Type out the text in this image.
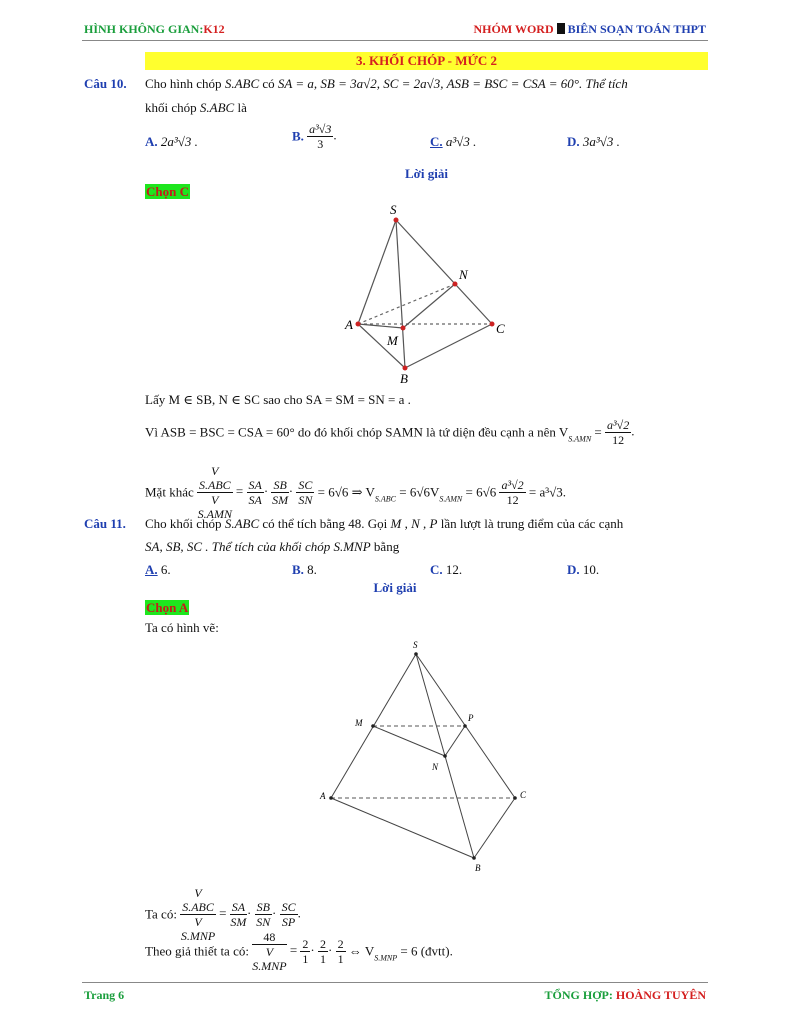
HÌNH KHÔNG GIAN:K12	NHÓM WORD BIÊN SOẠN TOÁN THPT
3. KHỐI CHÓP - MỨC 2
Câu 10. Cho hình chóp S.ABC có SA = a, SB = 3a√2, SC = 2a√3, ASB = BSC = CSA = 60°. Thể tích
khối chóp S.ABC là
A. 2a³√3 .	B. $\frac{\text{a³√3}}{3}$ .	C. a³√3 .	D. 3a³√3 .
Lời giải
Chọn C
S
N
A	C
M
B
Lấy M ∈ SB, N ∈ SC sao cho SA = SM = SN = a .
Vì ASB = BSC = CSA = 60° do đó khối chóp SAMN là tứ diện đều cạnh a nên $V_{S.AMN} = \frac{\text{a³√2}}{12}$ .
Mặt khác V
S.ABC
V
$S.AMN = \frac{SA}{SA} \cdot \frac{SB}{SM} \cdot \frac{SC}{SN} = 6√6$ ⇒ $V_{S.ABC} = 6√6V_{S.AMN} = 6√6 \frac{\text{a³√2}}{12} = a^3√3$.
Câu 11. Cho khối chóp S.ABC có thể tích bằng 48. Gọi M , N , P lần lượt là trung điểm của các cạnh
SA, SB, SC . Thể tích của khối chóp S.MNP bằng
A. 6.	B. 8.	C. 12.	D. 10.
Lời giải
Chọn A
Ta có hình vẽ:
S
M	P
N
A	C
B
Ta có: V
S.ABC
V
$S.MNP = \frac{SA}{SM} \cdot \frac{SB}{SN} \cdot \frac{SC}{SP}$ .
Theo giả thiết ta có: 48
V
$S.MNP = \frac{2}{1} \cdot \frac{2}{1} \cdot \frac{2}{1}$ ⇔ $V_{S.MNP} = 6$ (đvtt).
Trang 6	TỔNG HỢP: HOÀNG TUYÊN
